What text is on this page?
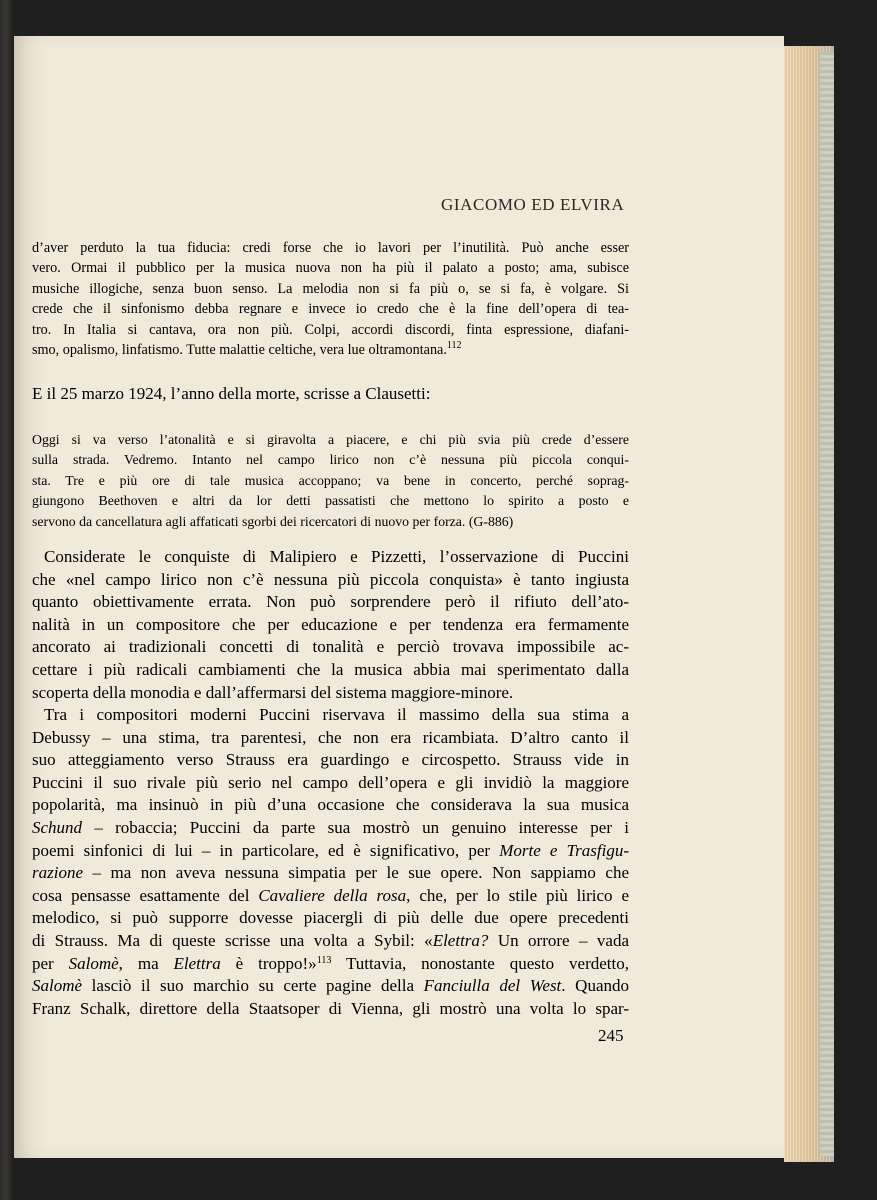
GIACOMO ED ELVIRA
d’aver perduto la tua fiducia: credi forse che io lavori per l’inutilità. Può anche esser
vero. Ormai il pubblico per la musica nuova non ha più il palato a posto; ama, subisce
musiche illogiche, senza buon senso. La melodia non si fa più o, se si fa, è volgare. Si
crede che il sinfonismo debba regnare e invece io credo che è la fine dell’opera di tea-
tro. In Italia si cantava, ora non più. Colpi, accordi discordi, finta espressione, diafani-
smo, opalismo, linfatismo. Tutte malattie celtiche, vera lue oltramontana.$^{112}$
E il 25 marzo 1924, l’anno della morte, scrisse a Clausetti:
Oggi si va verso l’atonalità e si giravolta a piacere, e chi più svia più crede d’essere
sulla strada. Vedremo. Intanto nel campo lirico non c’è nessuna più piccola conqui-
sta. Tre e più ore di tale musica accoppano; va bene in concerto, perché soprag-
giungono Beethoven e altri da lor detti passatisti che mettono lo spirito a posto e
servono da cancellatura agli affaticati sgorbi dei ricercatori di nuovo per forza. (G-886)
Considerate le conquiste di Malipiero e Pizzetti, l’osservazione di Puccini
che «nel campo lirico non c’è nessuna più piccola conquista» è tanto ingiusta
quanto obiettivamente errata. Non può sorprendere però il rifiuto dell’ato-
nalità in un compositore che per educazione e per tendenza era fermamente
ancorato ai tradizionali concetti di tonalità e perciò trovava impossibile ac-
cettare i più radicali cambiamenti che la musica abbia mai sperimentato dalla
scoperta della monodia e dall’affermarsi del sistema maggiore-minore.
Tra i compositori moderni Puccini riservava il massimo della sua stima a
Debussy – una stima, tra parentesi, che non era ricambiata. D’altro canto il
suo atteggiamento verso Strauss era guardingo e circospetto. Strauss vide in
Puccini il suo rivale più serio nel campo dell’opera e gli invidiò la maggiore
popolarità, ma insinuò in più d’una occasione che considerava la sua musica
Schund – robaccia; Puccini da parte sua mostrò un genuino interesse per i
poemi sinfonici di lui – in particolare, ed è significativo, per Morte e Trasfigu-
razione – ma non aveva nessuna simpatia per le sue opere. Non sappiamo che
cosa pensasse esattamente del Cavaliere della rosa, che, per lo stile più lirico e
melodico, si può supporre dovesse piacergli di più delle due opere precedenti
di Strauss. Ma di queste scrisse una volta a Sybil: «Elettra? Un orrore – vada
per Salomè, ma Elettra è troppo!»$^{113}$ Tuttavia, nonostante questo verdetto,
Salomè lasciò il suo marchio su certe pagine della Fanciulla del West. Quando
Franz Schalk, direttore della Staatsoper di Vienna, gli mostrò una volta lo spar-
245
